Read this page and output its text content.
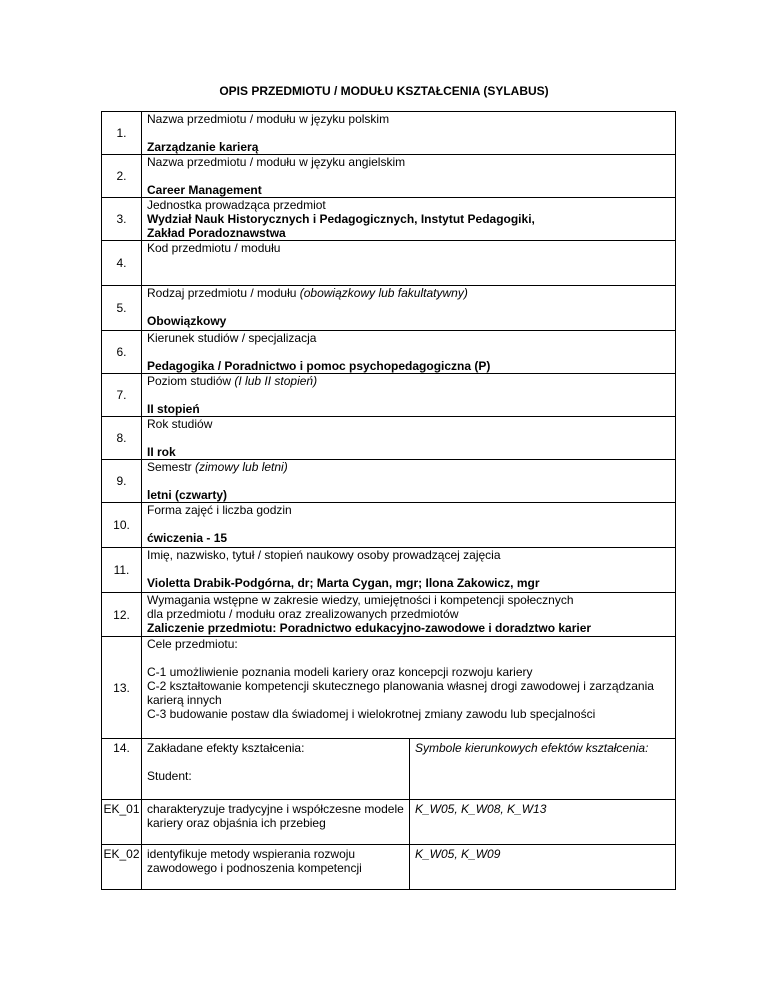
OPIS PRZEDMIOTU / MODUŁU KSZTAŁCENIA (SYLABUS)
1.	Nazwa przedmiotu / modułu w języku polskim
Zarządzanie karierą	

2.	Nazwa przedmiotu / modułu w języku angielskim
Career Management	

3.	Jednostka prowadząca przedmiot
Wydział Nauk Historycznych i Pedagogicznych, Instytut Pedagogiki,
Zakład Poradoznawstwa	

4.	Kod przedmiotu / modułu	

5.	Rodzaj przedmiotu / modułu (obowiązkowy lub fakultatywny)
Obowiązkowy	

6.	Kierunek studiów / specjalizacja
Pedagogika / Poradnictwo i pomoc psychopedagogiczna (P)	

7.	Poziom studiów (I lub II stopień)
II stopień	

8.	Rok studiów
II rok	

9.	Semestr (zimowy lub letni)
letni (czwarty)	

10.	Forma zajęć i liczba godzin
ćwiczenia - 15	

11.	Imię, nazwisko, tytuł / stopień naukowy osoby prowadzącej zajęcia
Violetta Drabik-Podgórna, dr; Marta Cygan, mgr; Ilona Zakowicz, mgr	

12.	Wymagania wstępne w zakresie wiedzy, umiejętności i kompetencji społecznych
dla przedmiotu / modułu oraz zrealizowanych przedmiotów
Zaliczenie przedmiotu: Poradnictwo edukacyjno-zawodowe i doradztwo karier	

13.	Cele przedmiotu:
C-1 umożliwienie poznania modeli kariery oraz koncepcji rozwoju kariery
C-2 kształtowanie kompetencji skutecznego planowania własnej drogi zawodowej i zarządzania
karierą innych
C-3 budowanie postaw dla świadomej i wielokrotnej zmiany zawodu lub specjalności	

14.	Zakładane efekty kształcenia:
Student:	Symbole kierunkowych efektów kształcenia:
EK_01	charakteryzuje tradycyjne i współczesne modele
kariery oraz objaśnia ich przebieg	K_W05, K_W08, K_W13
EK_02	identyfikuje metody wspierania rozwoju
zawodowego i podnoszenia kompetencji	K_W05, K_W09
